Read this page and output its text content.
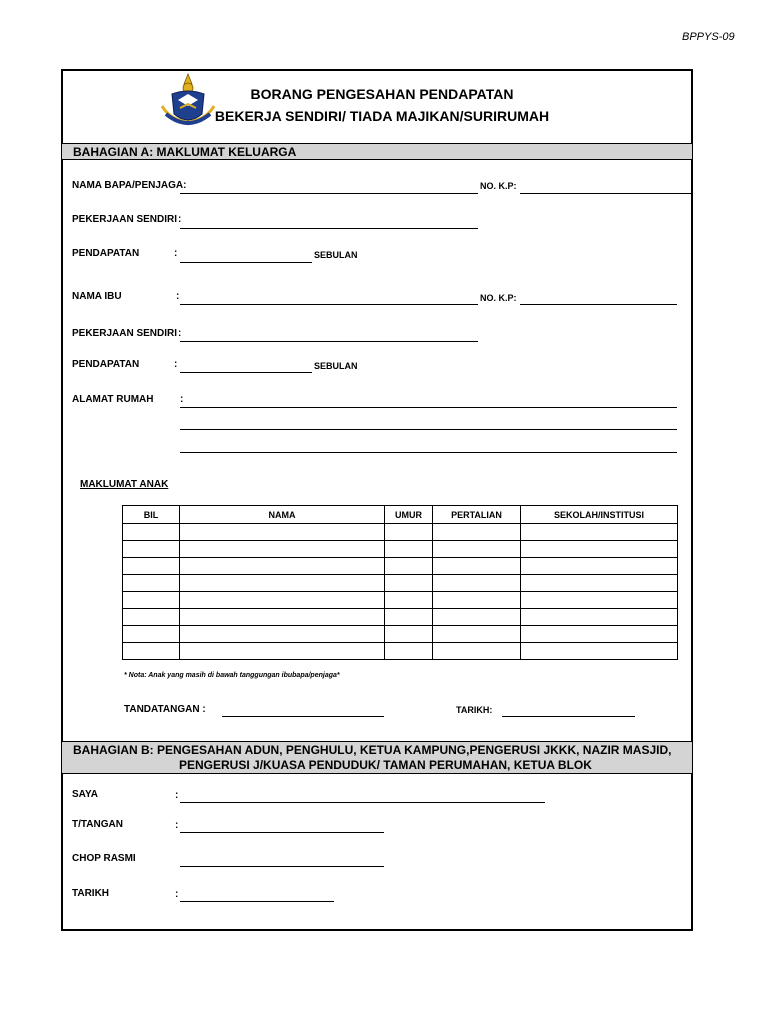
BPPYS-09
BORANG PENGESAHAN PENDAPATAN
BEKERJA SENDIRI/ TIADA MAJIKAN/SURIRUMAH
BAHAGIAN A: MAKLUMAT KELUARGA
NAMA BAPA/PENJAGA:	NO. K.P:
PEKERJAAN SENDIRI :
PENDAPATAN	:	SEBULAN
NAMA IBU	:	NO. K.P:
PEKERJAAN SENDIRI :
PENDAPATAN	:	SEBULAN
ALAMAT RUMAH	:
MAKLUMAT ANAK
BIL	NAMA	UMUR	PERTALIAN	SEKOLAH/INSTITUSI

* Nota: Anak yang masih di bawah tanggungan ibubapa/penjaga*
TANDATANGAN :	TARIKH:
BAHAGIAN B: PENGESAHAN ADUN, PENGHULU, KETUA KAMPUNG,PENGERUSI JKKK, NAZIR MASJID,
PENGERUSI J/KUASA PENDUDUK/ TAMAN PERUMAHAN, KETUA BLOK
SAYA	:
T/TANGAN	:
CHOP RASMI
TARIKH	:
